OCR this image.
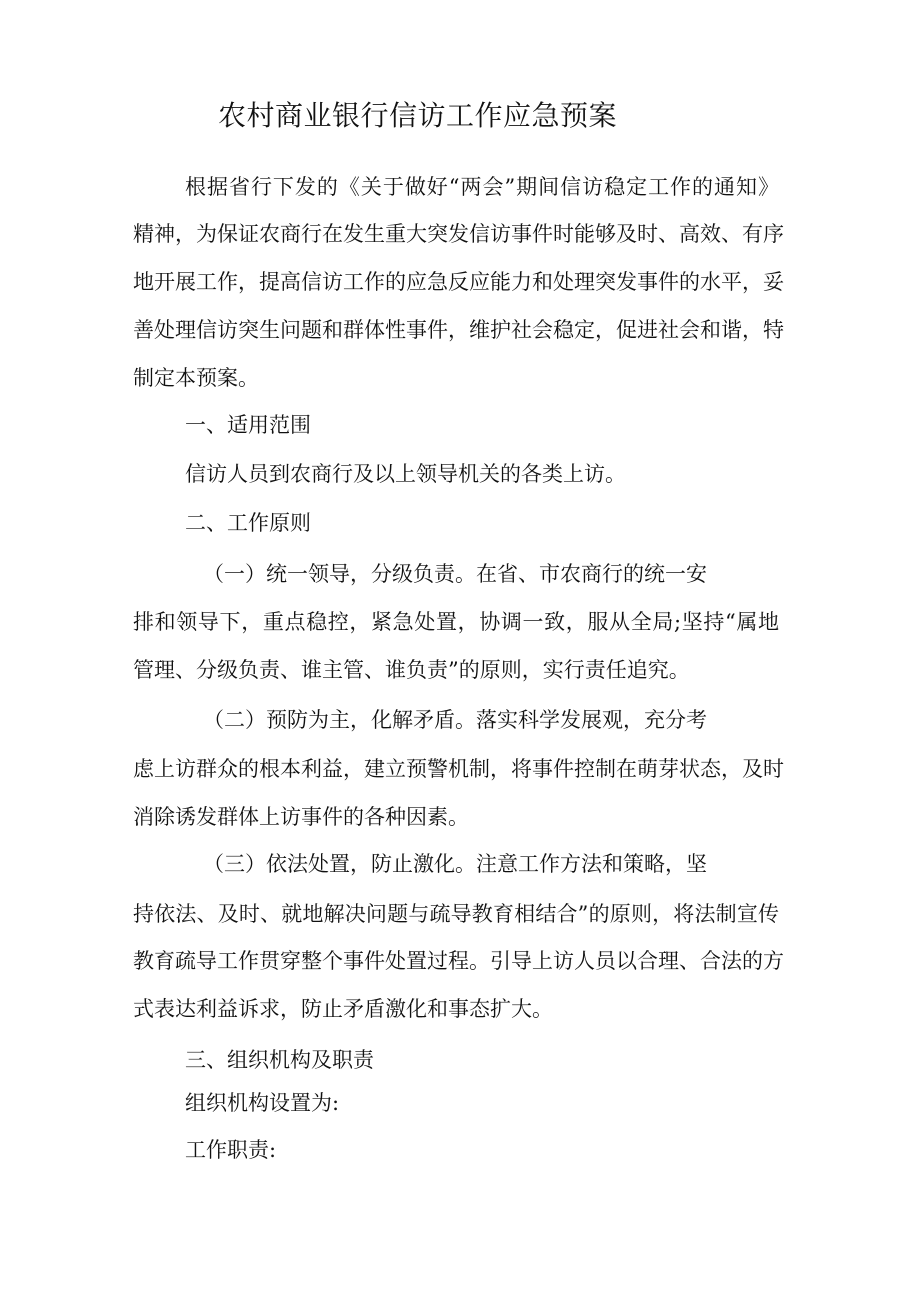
农村商业银行信访工作应急预案
根据省行下发的《关于做好“两会”期间信访稳定工作的通知》
精神，为保证农商行在发生重大突发信访事件时能够及时、高效、有序
地开展工作，提高信访工作的应急反应能力和处理突发事件的水平，妥
善处理信访突生问题和群体性事件，维护社会稳定，促进社会和谐，特
制定本预案。
一、适用范围
信访人员到农商行及以上领导机关的各类上访。
二、工作原则
（一）统一领导，分级负责。在省、市农商行的统一安
排和领导下，重点稳控，紧急处置，协调一致，服从全局;坚持“属地
管理、分级负责、谁主管、谁负责”的原则，实行责任追究。
（二）预防为主，化解矛盾。落实科学发展观，充分考
虑上访群众的根本利益，建立预警机制，将事件控制在萌芽状态，及时
消除诱发群体上访事件的各种因素。
（三）依法处置，防止激化。注意工作方法和策略，坚
持依法、及时、就地解决问题与疏导教育相结合”的原则，将法制宣传
教育疏导工作贯穿整个事件处置过程。引导上访人员以合理、合法的方
式表达利益诉求，防止矛盾激化和事态扩大。
三、组织机构及职责
组织机构设置为:
工作职责:
